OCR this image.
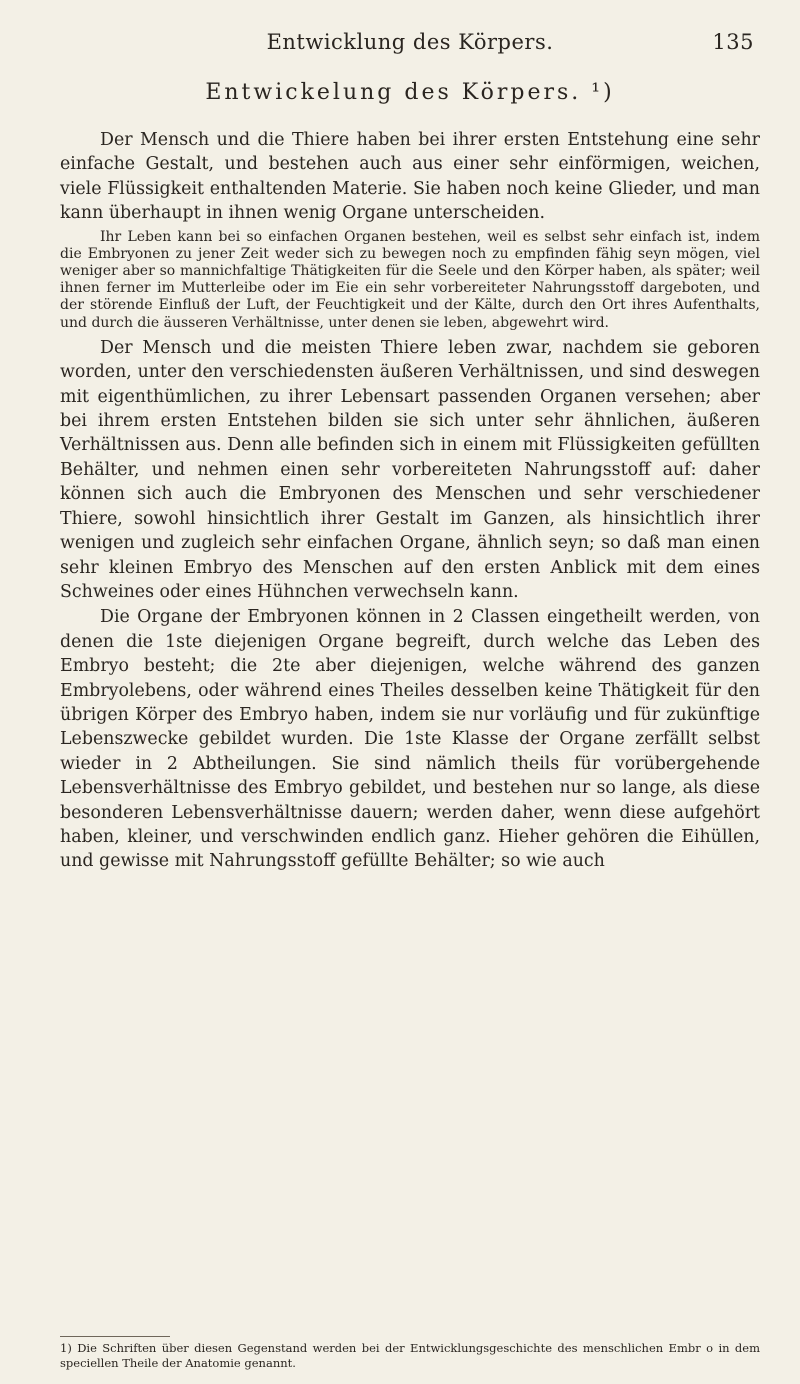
Entwicklung des Körpers.	135
Entwickelung des Körpers. ¹)

Der Mensch und die Thiere haben bei ihrer ersten Entstehung eine sehr einfache Gestalt, und bestehen auch aus einer sehr einförmigen, weichen, viele Flüssigkeit enthaltenden Materie. Sie haben noch keine Glieder, und man kann überhaupt in ihnen wenig Organe unterscheiden.

Ihr Leben kann bei so einfachen Organen bestehen, weil es selbst sehr einfach ist, indem die Embryonen zu jener Zeit weder sich zu bewegen noch zu empfinden fähig seyn mögen, viel weniger aber so mannichfaltige Thätigkeiten für die Seele und den Körper haben, als später; weil ihnen ferner im Mutterleibe oder im Eie ein sehr vorbereiteter Nahrungsstoff dargeboten, und der störende Einfluß der Luft, der Feuchtigkeit und der Kälte, durch den Ort ihres Aufenthalts, und durch die äusseren Verhältnisse, unter denen sie leben, abgewehrt wird.

Der Mensch und die meisten Thiere leben zwar, nachdem sie geboren worden, unter den verschiedensten äußeren Verhältnissen, und sind deswegen mit eigenthümlichen, zu ihrer Lebensart passenden Organen versehen; aber bei ihrem ersten Entstehen bilden sie sich unter sehr ähnlichen, äußeren Verhältnissen aus. Denn alle befinden sich in einem mit Flüssigkeiten gefüllten Behälter, und nehmen einen sehr vorbereiteten Nahrungsstoff auf: daher können sich auch die Embryonen des Menschen und sehr verschiedener Thiere, sowohl hinsichtlich ihrer Gestalt im Ganzen, als hinsichtlich ihrer wenigen und zugleich sehr einfachen Organe, ähnlich seyn; so daß man einen sehr kleinen Embryo des Menschen auf den ersten Anblick mit dem eines Schweines oder eines Hühnchen verwechseln kann.

Die Organe der Embryonen können in 2 Classen eingetheilt werden, von denen die 1ste diejenigen Organe begreift, durch welche das Leben des Embryo besteht; die 2te aber diejenigen, welche während des ganzen Embryolebens, oder während eines Theiles desselben keine Thätigkeit für den übrigen Körper des Embryo haben, indem sie nur vorläufig und für zukünftige Lebenszwecke gebildet wurden. Die 1ste Klasse der Organe zerfällt selbst wieder in 2 Abtheilungen. Sie sind nämlich theils für vorübergehende Lebensverhältnisse des Embryo gebildet, und bestehen nur so lange, als diese besonderen Lebensverhältnisse dauern; werden daher, wenn diese aufgehört haben, kleiner, und verschwinden endlich ganz. Hieher gehören die Eihüllen, und gewisse mit Nahrungsstoff gefüllte Behälter; so wie auch

1) Die Schriften über diesen Gegenstand werden bei der Entwicklungsgeschichte des menschlichen Embr o in dem speciellen Theile der Anatomie genannt.
